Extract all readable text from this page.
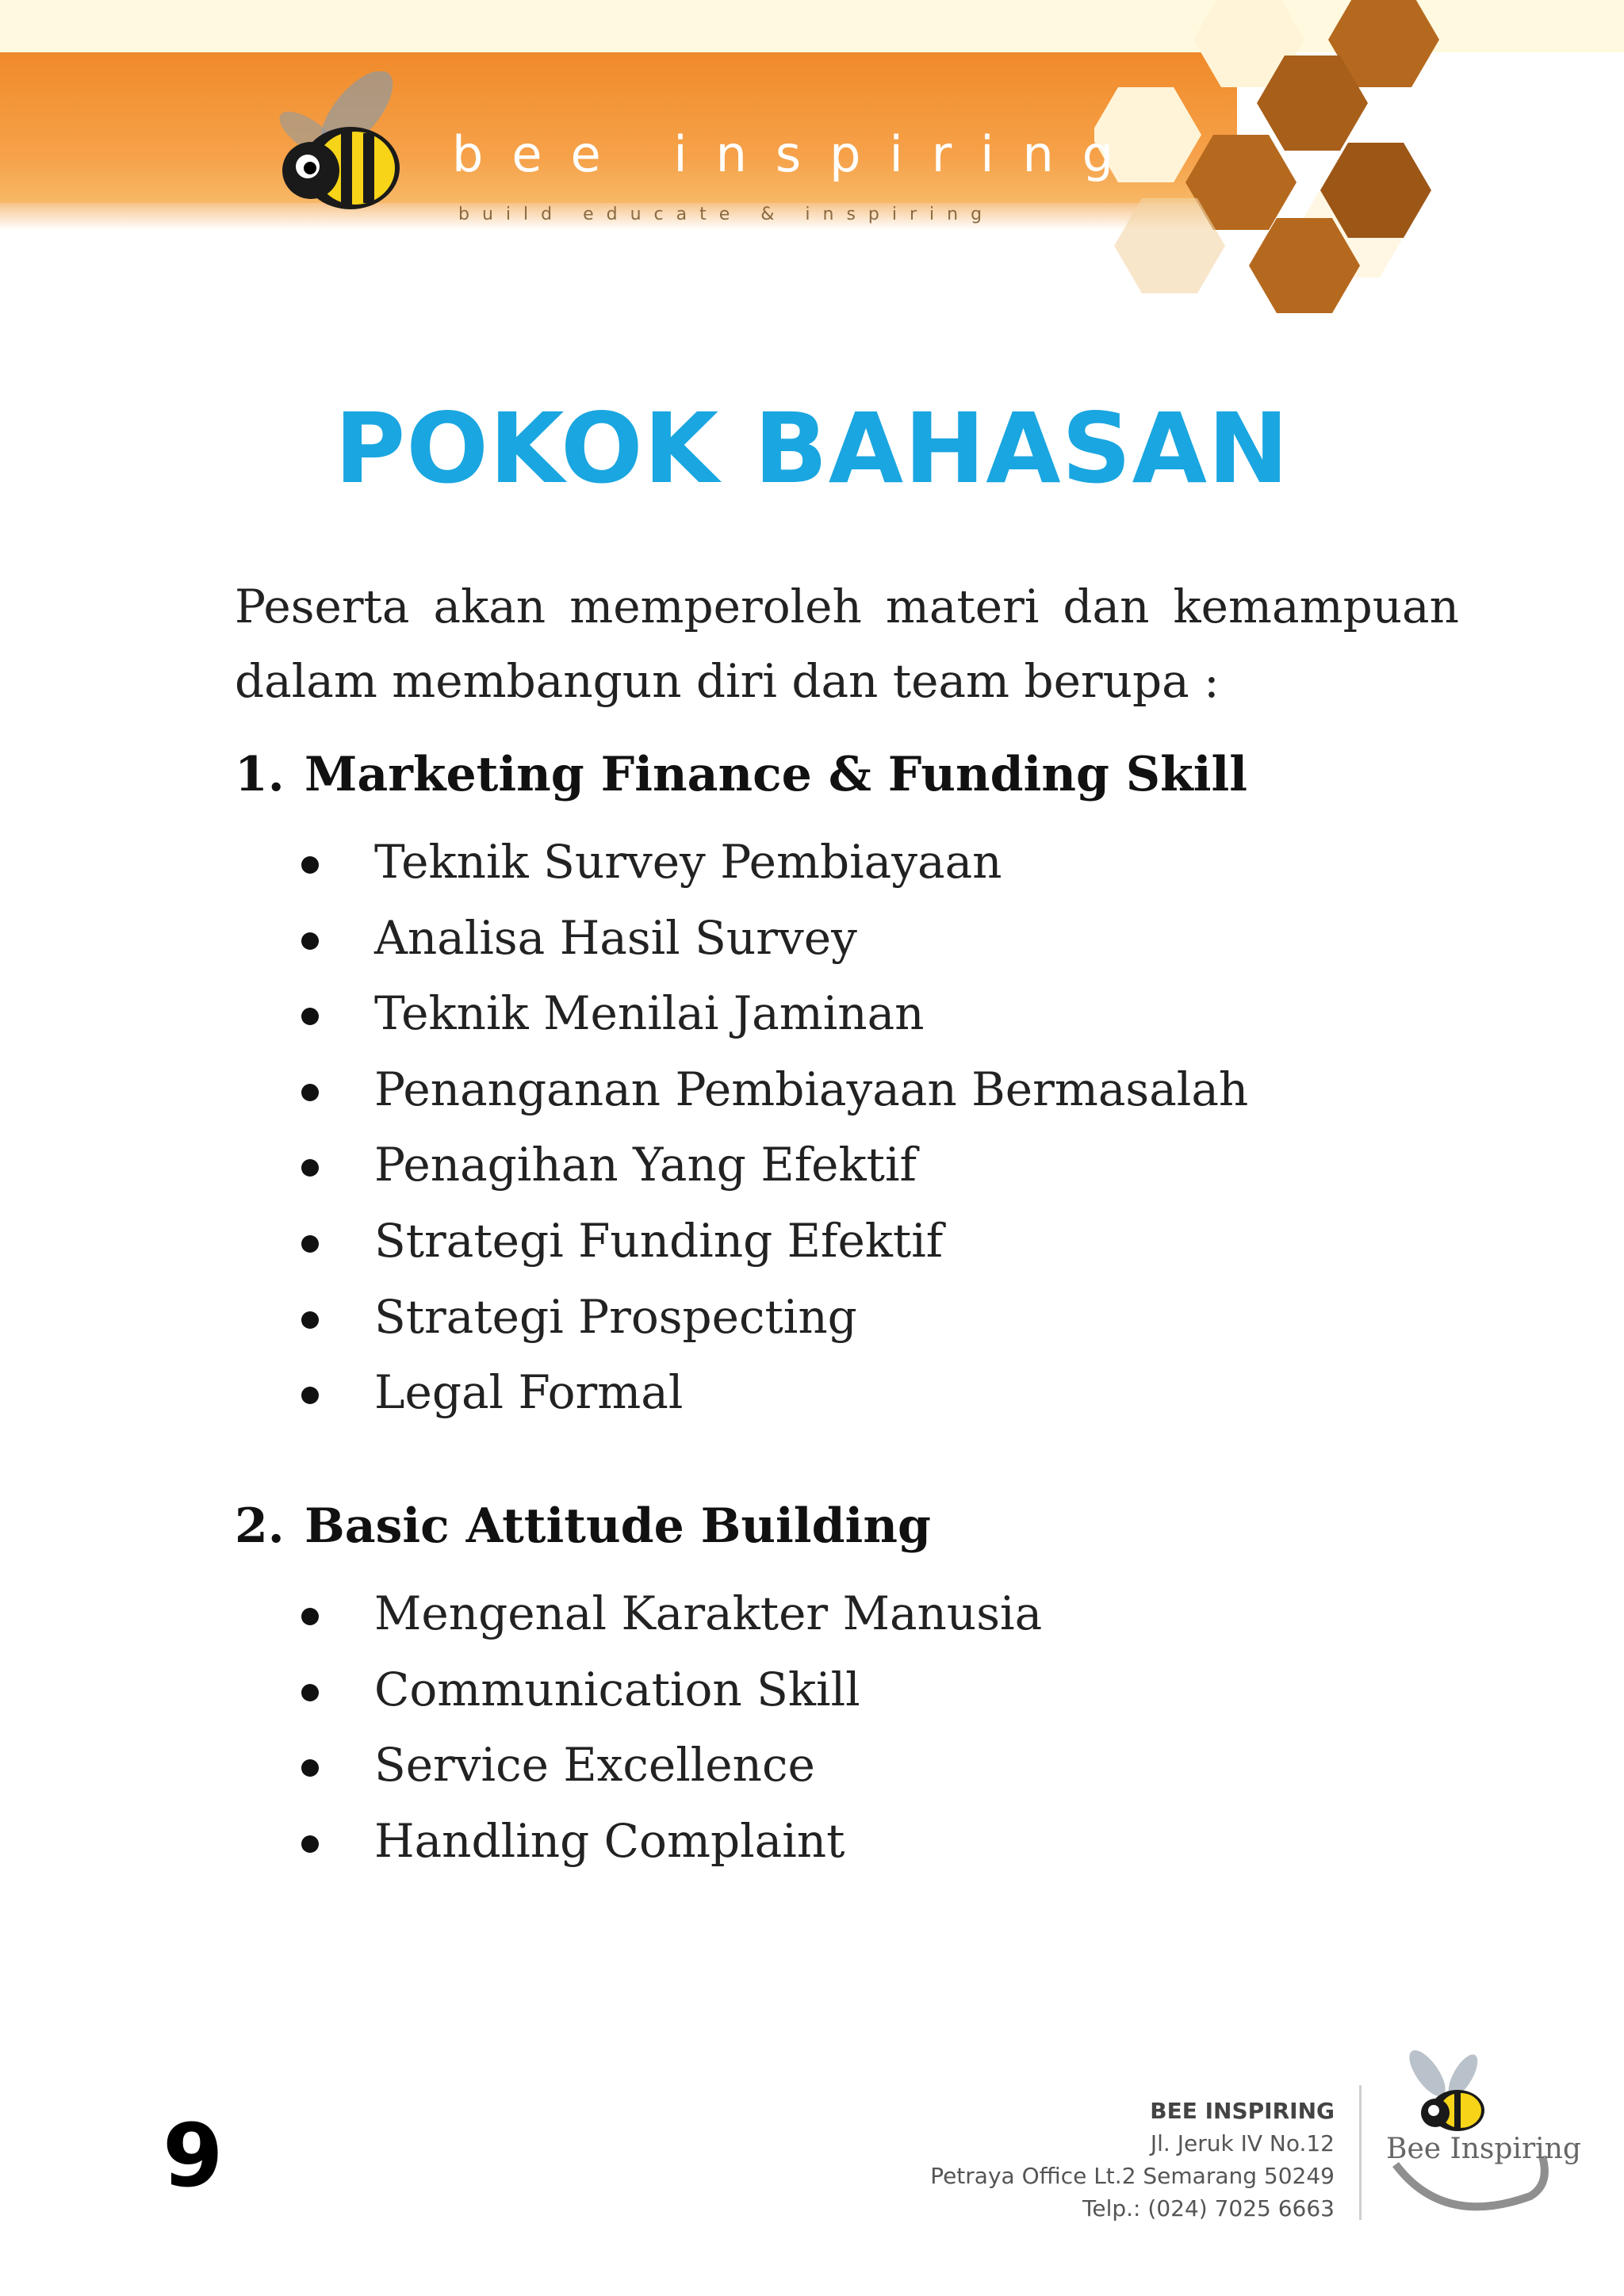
bee inspiring
build educate & inspiring
POKOK BAHASAN

Peserta akan memperoleh materi dan kemampuan dalam membangun diri dan team berupa :

1. Marketing Finance & Funding Skill
Teknik Survey Pembiayaan
Analisa Hasil Survey
Teknik Menilai Jaminan
Penanganan Pembiayaan Bermasalah
Penagihan Yang Efektif
Strategi Funding Efektif
Strategi Prospecting
Legal Formal
2. Basic Attitude Building
Mengenal Karakter Manusia
Communication Skill
Service Excellence
Handling Complaint
9	BEE INSPIRING
Jl. Jeruk IV No.12
Petraya Office Lt.2 Semarang 50249
Telp.: (024) 7025 6663
Bee Inspiring
